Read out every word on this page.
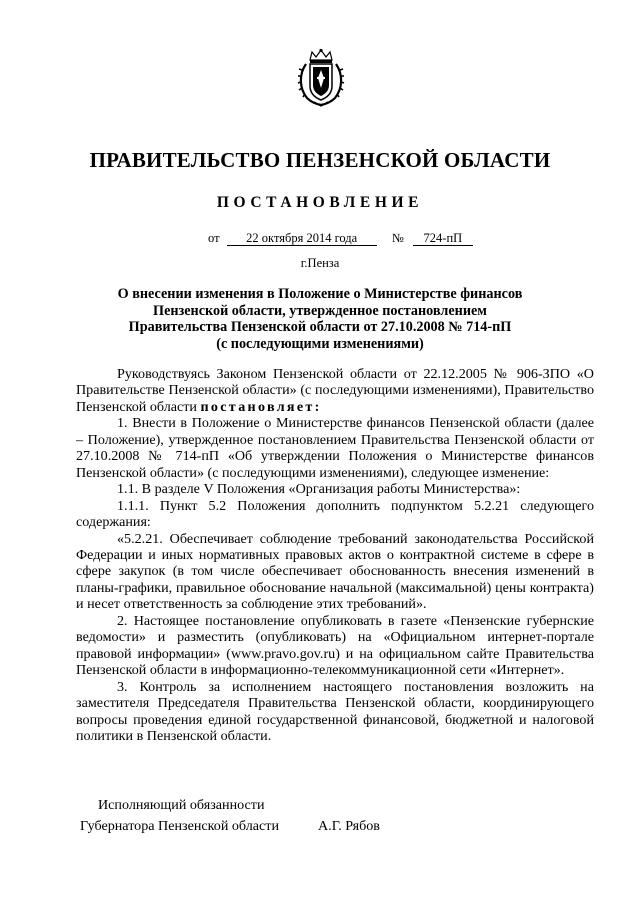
ПРАВИТЕЛЬСТВО ПЕНЗЕНСКОЙ ОБЛАСТИ
ПОСТАНОВЛЕНИЕ
от 22 октября 2014 года	№ 724-пП
г.Пенза
О внесении изменения в Положение о Министерстве финансов
Пензенской области, утвержденное постановлением
Правительства Пензенской области от 27.10.2008 № 714-пП
(с последующими изменениями)

Руководствуясь Законом Пензенской области от 22.12.2005 № 906-ЗПО «О Правительстве Пензенской области» (с последующими изменениями), Правительство Пензенской области постановляет:

1. Внести в Положение о Министерстве финансов Пензенской области (далее – Положение), утвержденное постановлением Правительства Пензенской области от 27.10.2008 № 714-пП «Об утверждении Положения о Министерстве финансов Пензенской области» (с последующими изменениями), следующее изменение:

1.1. В разделе V Положения «Организация работы Министерства»:

1.1.1. Пункт 5.2 Положения дополнить подпунктом 5.2.21 следующего содержания:

«5.2.21. Обеспечивает соблюдение требований законодательства Российской Федерации и иных нормативных правовых актов о контрактной системе в сфере в сфере закупок (в том числе обеспечивает обоснованность внесения изменений в планы-графики, правильное обоснование начальной (максимальной) цены контракта) и несет ответственность за соблюдение этих требований».

2. Настоящее постановление опубликовать в газете «Пензенские губернские ведомости» и разместить (опубликовать) на «Официальном интернет-портале правовой информации» (www.pravo.gov.ru) и на официальном сайте Правительства Пензенской области в информационно-телекоммуникационной сети «Интернет».

3. Контроль за исполнением настоящего постановления возложить на заместителя Председателя Правительства Пензенской области, координирующего вопросы проведения единой государственной финансовой, бюджетной и налоговой политики в Пензенской области.

Исполняющий обязанности
Губернатора Пензенской области	А.Г. Рябов
